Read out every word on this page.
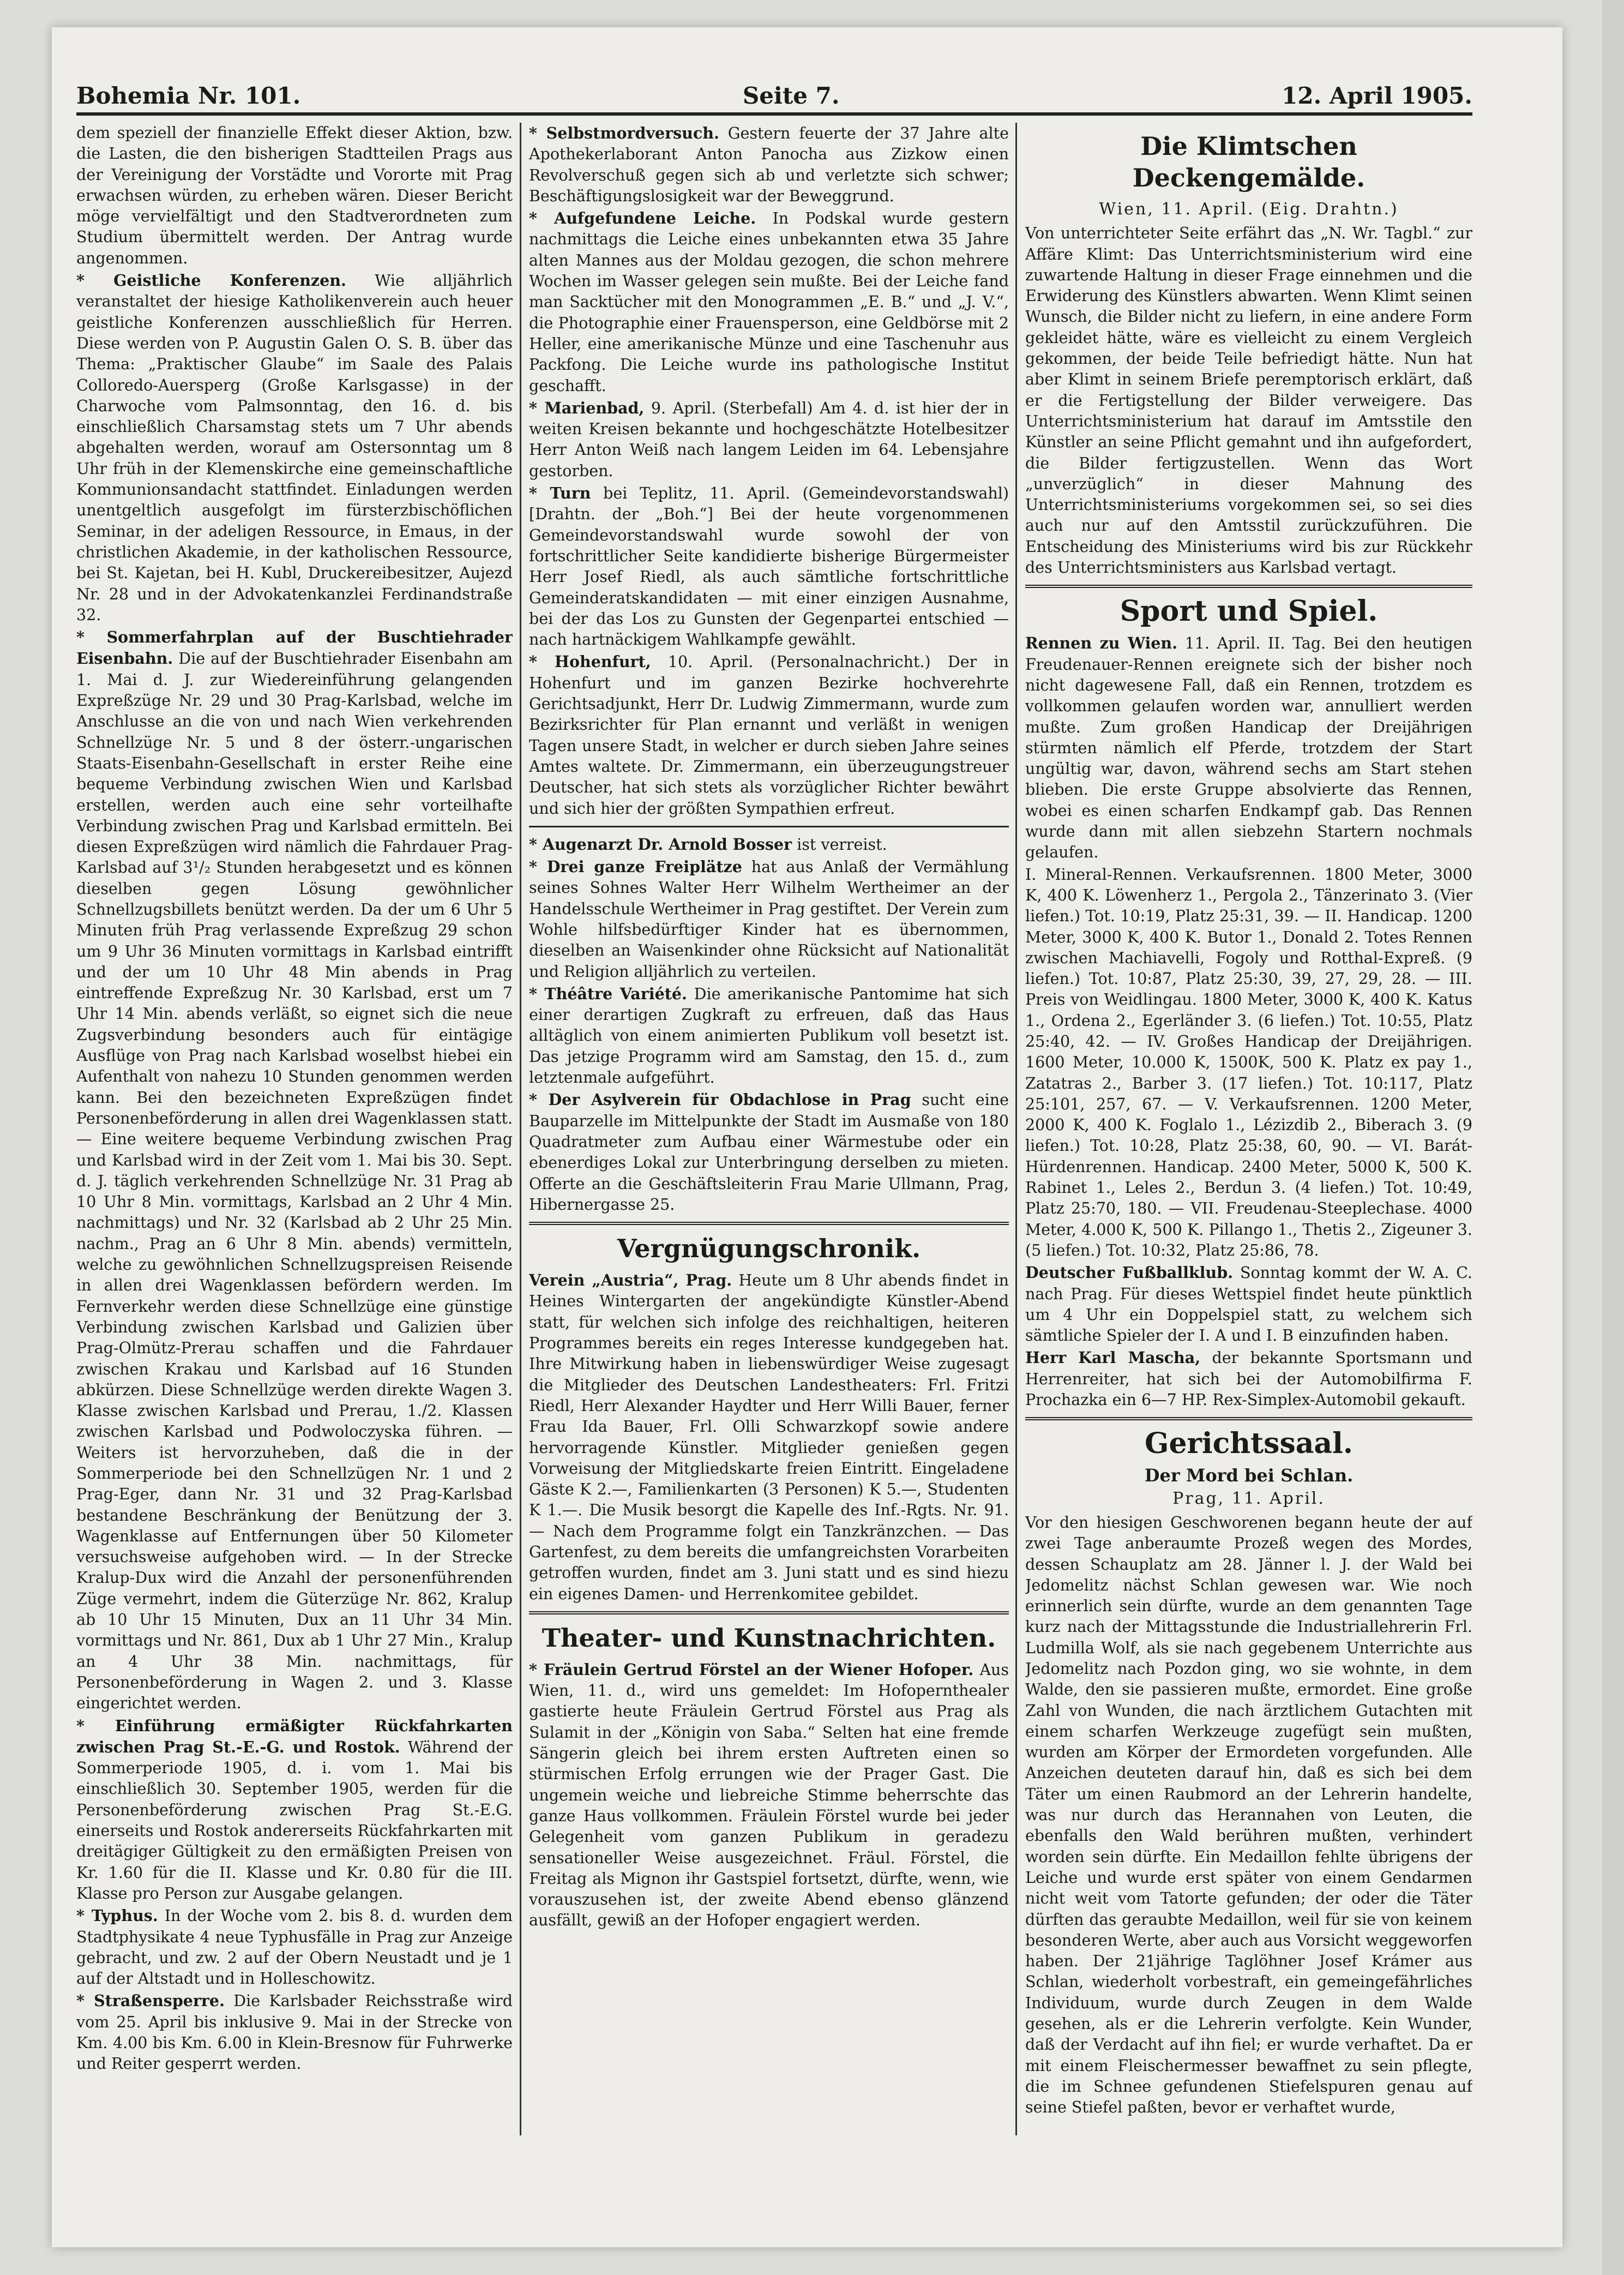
Bohemia Nr. 101.	Seite 7.	12. April 1905.

dem speziell der finanzielle Effekt dieser Aktion, bzw. die Lasten, die den bisherigen Stadtteilen Prags aus der Vereinigung der Vorstädte und Vororte mit Prag erwachsen würden, zu erheben wären. Dieser Bericht möge vervielfältigt und den Stadtverordneten zum Studium übermittelt werden. Der Antrag wurde angenommen.

* Geistliche Konferenzen. Wie alljährlich veranstaltet der hiesige Katholikenverein auch heuer geistliche Konferenzen ausschließlich für Herren. Diese werden von P. Augustin Galen O. S. B. über das Thema: „Praktischer Glaube“ im Saale des Palais Colloredo-Auersperg (Große Karlsgasse) in der Charwoche vom Palmsonntag, den 16. d. bis einschließlich Charsamstag stets um 7 Uhr abends abgehalten werden, worauf am Ostersonntag um 8 Uhr früh in der Klemenskirche eine gemeinschaftliche Kommunionsandacht stattfindet. Einladungen werden unentgeltlich ausgefolgt im fürsterzbischöflichen Seminar, in der adeligen Ressource, in Emaus, in der christlichen Akademie, in der katholischen Ressource, bei St. Kajetan, bei H. Kubl, Druckereibesitzer, Aujezd Nr. 28 und in der Advokatenkanzlei Ferdinandstraße 32.

* Sommerfahrplan auf der Buschtiehrader Eisenbahn. Die auf der Buschtiehrader Eisenbahn am 1. Mai d. J. zur Wiedereinführung gelangenden Expreßzüge Nr. 29 und 30 Prag-Karlsbad, welche im Anschlusse an die von und nach Wien verkehrenden Schnellzüge Nr. 5 und 8 der österr.-ungarischen Staats-Eisenbahn-Gesellschaft in erster Reihe eine bequeme Verbindung zwischen Wien und Karlsbad erstellen, werden auch eine sehr vorteilhafte Verbindung zwischen Prag und Karlsbad ermitteln. Bei diesen Expreßzügen wird nämlich die Fahrdauer Prag-Karlsbad auf 3¹/₂ Stunden herabgesetzt und es können dieselben gegen Lösung gewöhnlicher Schnellzugsbillets benützt werden. Da der um 6 Uhr 5 Minuten früh Prag verlassende Expreßzug 29 schon um 9 Uhr 36 Minuten vormittags in Karlsbad eintrifft und der um 10 Uhr 48 Min abends in Prag eintreffende Expreßzug Nr. 30 Karlsbad, erst um 7 Uhr 14 Min. abends verläßt, so eignet sich die neue Zugsverbindung besonders auch für eintägige Ausflüge von Prag nach Karlsbad woselbst hiebei ein Aufenthalt von nahezu 10 Stunden genommen werden kann. Bei den bezeichneten Expreßzügen findet Personenbeförderung in allen drei Wagenklassen statt. — Eine weitere bequeme Verbindung zwischen Prag und Karlsbad wird in der Zeit vom 1. Mai bis 30. Sept. d. J. täglich verkehrenden Schnellzüge Nr. 31 Prag ab 10 Uhr 8 Min. vormittags, Karlsbad an 2 Uhr 4 Min. nachmittags) und Nr. 32 (Karlsbad ab 2 Uhr 25 Min. nachm., Prag an 6 Uhr 8 Min. abends) vermitteln, welche zu gewöhnlichen Schnellzugspreisen Reisende in allen drei Wagenklassen befördern werden. Im Fernverkehr werden diese Schnellzüge eine günstige Verbindung zwischen Karlsbad und Galizien über Prag-Olmütz-Prerau schaffen und die Fahrdauer zwischen Krakau und Karlsbad auf 16 Stunden abkürzen. Diese Schnellzüge werden direkte Wagen 3. Klasse zwischen Karlsbad und Prerau, 1./2. Klassen zwischen Karlsbad und Podwoloczyska führen. — Weiters ist hervorzuheben, daß die in der Sommerperiode bei den Schnellzügen Nr. 1 und 2 Prag-Eger, dann Nr. 31 und 32 Prag-Karlsbad bestandene Beschränkung der Benützung der 3. Wagenklasse auf Entfernungen über 50 Kilometer versuchsweise aufgehoben wird. — In der Strecke Kralup-Dux wird die Anzahl der personenführenden Züge vermehrt, indem die Güterzüge Nr. 862, Kralup ab 10 Uhr 15 Minuten, Dux an 11 Uhr 34 Min. vormittags und Nr. 861, Dux ab 1 Uhr 27 Min., Kralup an 4 Uhr 38 Min. nachmittags, für Personenbeförderung in Wagen 2. und 3. Klasse eingerichtet werden.

* Einführung ermäßigter Rückfahrkarten zwischen Prag St.-E.-G. und Rostok. Während der Sommerperiode 1905, d. i. vom 1. Mai bis einschließlich 30. September 1905, werden für die Personenbeförderung zwischen Prag St.-E.G. einerseits und Rostok andererseits Rückfahrkarten mit dreitägiger Gültigkeit zu den ermäßigten Preisen von Kr. 1.60 für die II. Klasse und Kr. 0.80 für die III. Klasse pro Person zur Ausgabe gelangen.

* Typhus. In der Woche vom 2. bis 8. d. wurden dem Stadtphysikate 4 neue Typhusfälle in Prag zur Anzeige gebracht, und zw. 2 auf der Obern Neustadt und je 1 auf der Altstadt und in Holleschowitz.

* Straßensperre. Die Karlsbader Reichsstraße wird vom 25. April bis inklusive 9. Mai in der Strecke von Km. 4.00 bis Km. 6.00 in Klein-Bresnow für Fuhrwerke und Reiter gesperrt werden.

* Selbstmordversuch. Gestern feuerte der 37 Jahre alte Apothekerlaborant Anton Panocha aus Zizkow einen Revolverschuß gegen sich ab und verletzte sich schwer; Beschäftigungslosigkeit war der Beweggrund.

* Aufgefundene Leiche. In Podskal wurde gestern nachmittags die Leiche eines unbekannten etwa 35 Jahre alten Mannes aus der Moldau gezogen, die schon mehrere Wochen im Wasser gelegen sein mußte. Bei der Leiche fand man Sacktücher mit den Monogrammen „E. B.“ und „J. V.“, die Photographie einer Frauensperson, eine Geldbörse mit 2 Heller, eine amerikanische Münze und eine Taschenuhr aus Packfong. Die Leiche wurde ins pathologische Institut geschafft.

* Marienbad, 9. April. (Sterbefall) Am 4. d. ist hier der in weiten Kreisen bekannte und hochgeschätzte Hotelbesitzer Herr Anton Weiß nach langem Leiden im 64. Lebensjahre gestorben.

* Turn bei Teplitz, 11. April. (Gemeindevorstandswahl) [Drahtn. der „Boh.“] Bei der heute vorgenommenen Gemeindevorstandswahl wurde sowohl der von fortschrittlicher Seite kandidierte bisherige Bürgermeister Herr Josef Riedl, als auch sämtliche fortschrittliche Gemeinderatskandidaten — mit einer einzigen Ausnahme, bei der das Los zu Gunsten der Gegenpartei entschied — nach hartnäckigem Wahlkampfe gewählt.

* Hohenfurt, 10. April. (Personalnachricht.) Der in Hohenfurt und im ganzen Bezirke hochverehrte Gerichtsadjunkt, Herr Dr. Ludwig Zimmermann, wurde zum Bezirksrichter für Plan ernannt und verläßt in wenigen Tagen unsere Stadt, in welcher er durch sieben Jahre seines Amtes waltete. Dr. Zimmermann, ein überzeugungstreuer Deutscher, hat sich stets als vorzüglicher Richter bewährt und sich hier der größten Sympathien erfreut.

* Augenarzt Dr. Arnold Bosser ist verreist.

* Drei ganze Freiplätze hat aus Anlaß der Vermählung seines Sohnes Walter Herr Wilhelm Wertheimer an der Handelsschule Wertheimer in Prag gestiftet. Der Verein zum Wohle hilfsbedürftiger Kinder hat es übernommen, dieselben an Waisenkinder ohne Rücksicht auf Nationalität und Religion alljährlich zu verteilen.

* Théâtre Variété. Die amerikanische Pantomime hat sich einer derartigen Zugkraft zu erfreuen, daß das Haus alltäglich von einem animierten Publikum voll besetzt ist. Das jetzige Programm wird am Samstag, den 15. d., zum letztenmale aufgeführt.

* Der Asylverein für Obdachlose in Prag sucht eine Bauparzelle im Mittelpunkte der Stadt im Ausmaße von 180 Quadratmeter zum Aufbau einer Wärmestube oder ein ebenerdiges Lokal zur Unterbringung derselben zu mieten. Offerte an die Geschäftsleiterin Frau Marie Ullmann, Prag, Hibernergasse 25.

Vergnügungschronik.

Verein „Austria“, Prag. Heute um 8 Uhr abends findet in Heines Wintergarten der angekündigte Künstler-Abend statt, für welchen sich infolge des reichhaltigen, heiteren Programmes bereits ein reges Interesse kundgegeben hat. Ihre Mitwirkung haben in liebenswürdiger Weise zugesagt die Mitglieder des Deutschen Landestheaters: Frl. Fritzi Riedl, Herr Alexander Haydter und Herr Willi Bauer, ferner Frau Ida Bauer, Frl. Olli Schwarzkopf sowie andere hervorragende Künstler. Mitglieder genießen gegen Vorweisung der Mitgliedskarte freien Eintritt. Eingeladene Gäste K 2.—, Familienkarten (3 Personen) K 5.—, Studenten K 1.—. Die Musik besorgt die Kapelle des Inf.-Rgts. Nr. 91. — Nach dem Programme folgt ein Tanzkränzchen. — Das Gartenfest, zu dem bereits die umfangreichsten Vorarbeiten getroffen wurden, findet am 3. Juni statt und es sind hiezu ein eigenes Damen- und Herrenkomitee gebildet.

Theater- und Kunstnachrichten.

* Fräulein Gertrud Förstel an der Wiener Hofoper. Aus Wien, 11. d., wird uns gemeldet: Im Hofopernthealer gastierte heute Fräulein Gertrud Förstel aus Prag als Sulamit in der „Königin von Saba.“ Selten hat eine fremde Sängerin gleich bei ihrem ersten Auftreten einen so stürmischen Erfolg errungen wie der Prager Gast. Die ungemein weiche und liebreiche Stimme beherrschte das ganze Haus vollkommen. Fräulein Förstel wurde bei jeder Gelegenheit vom ganzen Publikum in geradezu sensationeller Weise ausgezeichnet. Fräul. Förstel, die Freitag als Mignon ihr Gastspiel fortsetzt, dürfte, wenn, wie vorauszusehen ist, der zweite Abend ebenso glänzend ausfällt, gewiß an der Hofoper engagiert werden.

Die Klimtschen Deckengemälde.
Wien, 11. April. (Eig. Drahtn.)

Von unterrichteter Seite erfährt das „N. Wr. Tagbl.“ zur Affäre Klimt: Das Unterrichtsministerium wird eine zuwartende Haltung in dieser Frage einnehmen und die Erwiderung des Künstlers abwarten. Wenn Klimt seinen Wunsch, die Bilder nicht zu liefern, in eine andere Form gekleidet hätte, wäre es vielleicht zu einem Vergleich gekommen, der beide Teile befriedigt hätte. Nun hat aber Klimt in seinem Briefe peremptorisch erklärt, daß er die Fertigstellung der Bilder verweigere. Das Unterrichtsministerium hat darauf im Amtsstile den Künstler an seine Pflicht gemahnt und ihn aufgefordert, die Bilder fertigzustellen. Wenn das Wort „unverzüglich“ in dieser Mahnung des Unterrichtsministeriums vorgekommen sei, so sei dies auch nur auf den Amtsstil zurückzuführen. Die Entscheidung des Ministeriums wird bis zur Rückkehr des Unterrichtsministers aus Karlsbad vertagt.

Sport und Spiel.

Rennen zu Wien. 11. April. II. Tag. Bei den heutigen Freudenauer-Rennen ereignete sich der bisher noch nicht dagewesene Fall, daß ein Rennen, trotzdem es vollkommen gelaufen worden war, annulliert werden mußte. Zum großen Handicap der Dreijährigen stürmten nämlich elf Pferde, trotzdem der Start ungültig war, davon, während sechs am Start stehen blieben. Die erste Gruppe absolvierte das Rennen, wobei es einen scharfen Endkampf gab. Das Rennen wurde dann mit allen siebzehn Startern nochmals gelaufen.

I. Mineral-Rennen. Verkaufsrennen. 1800 Meter, 3000 K, 400 K. Löwenherz 1., Pergola 2., Tänzerinato 3. (Vier liefen.) Tot. 10:19, Platz 25:31, 39. — II. Handicap. 1200 Meter, 3000 K, 400 K. Butor 1., Donald 2. Totes Rennen zwischen Machiavelli, Fogoly und Rotthal-Expreß. (9 liefen.) Tot. 10:87, Platz 25:30, 39, 27, 29, 28. — III. Preis von Weidlingau. 1800 Meter, 3000 K, 400 K. Katus 1., Ordena 2., Egerländer 3. (6 liefen.) Tot. 10:55, Platz 25:40, 42. — IV. Großes Handicap der Dreijährigen. 1600 Meter, 10.000 K, 1500K, 500 K. Platz ex pay 1., Zatatras 2., Barber 3. (17 liefen.) Tot. 10:117, Platz 25:101, 257, 67. — V. Verkaufsrennen. 1200 Meter, 2000 K, 400 K. Foglalo 1., Lézizdib 2., Biberach 3. (9 liefen.) Tot. 10:28, Platz 25:38, 60, 90. — VI. Barát-Hürdenrennen. Handicap. 2400 Meter, 5000 K, 500 K. Rabinet 1., Leles 2., Berdun 3. (4 liefen.) Tot. 10:49, Platz 25:70, 180. — VII. Freudenau-Steeplechase. 4000 Meter, 4.000 K, 500 K. Pillango 1., Thetis 2., Zigeuner 3. (5 liefen.) Tot. 10:32, Platz 25:86, 78.

Deutscher Fußballklub. Sonntag kommt der W. A. C. nach Prag. Für dieses Wettspiel findet heute pünktlich um 4 Uhr ein Doppelspiel statt, zu welchem sich sämtliche Spieler der I. A und I. B einzufinden haben.

Herr Karl Mascha, der bekannte Sportsmann und Herrenreiter, hat sich bei der Automobilfirma F. Prochazka ein 6—7 HP. Rex-Simplex-Automobil gekauft.

Gerichtssaal.
Der Mord bei Schlan.
Prag, 11. April.

Vor den hiesigen Geschworenen begann heute der auf zwei Tage anberaumte Prozeß wegen des Mordes, dessen Schauplatz am 28. Jänner l. J. der Wald bei Jedomelitz nächst Schlan gewesen war. Wie noch erinnerlich sein dürfte, wurde an dem genannten Tage kurz nach der Mittagsstunde die Industriallehrerin Frl. Ludmilla Wolf, als sie nach gegebenem Unterrichte aus Jedomelitz nach Pozdon ging, wo sie wohnte, in dem Walde, den sie passieren mußte, ermordet. Eine große Zahl von Wunden, die nach ärztlichem Gutachten mit einem scharfen Werkzeuge zugefügt sein mußten, wurden am Körper der Ermordeten vorgefunden. Alle Anzeichen deuteten darauf hin, daß es sich bei dem Täter um einen Raubmord an der Lehrerin handelte, was nur durch das Herannahen von Leuten, die ebenfalls den Wald berühren mußten, verhindert worden sein dürfte. Ein Medaillon fehlte übrigens der Leiche und wurde erst später von einem Gendarmen nicht weit vom Tatorte gefunden; der oder die Täter dürften das geraubte Medaillon, weil für sie von keinem besonderen Werte, aber auch aus Vorsicht weggeworfen haben. Der 21jährige Taglöhner Josef Krámer aus Schlan, wiederholt vorbestraft, ein gemeingefährliches Individuum, wurde durch Zeugen in dem Walde gesehen, als er die Lehrerin verfolgte. Kein Wunder, daß der Verdacht auf ihn fiel; er wurde verhaftet. Da er mit einem Fleischermesser bewaffnet zu sein pflegte, die im Schnee gefundenen Stiefelspuren genau auf seine Stiefel paßten, bevor er verhaftet wurde,
